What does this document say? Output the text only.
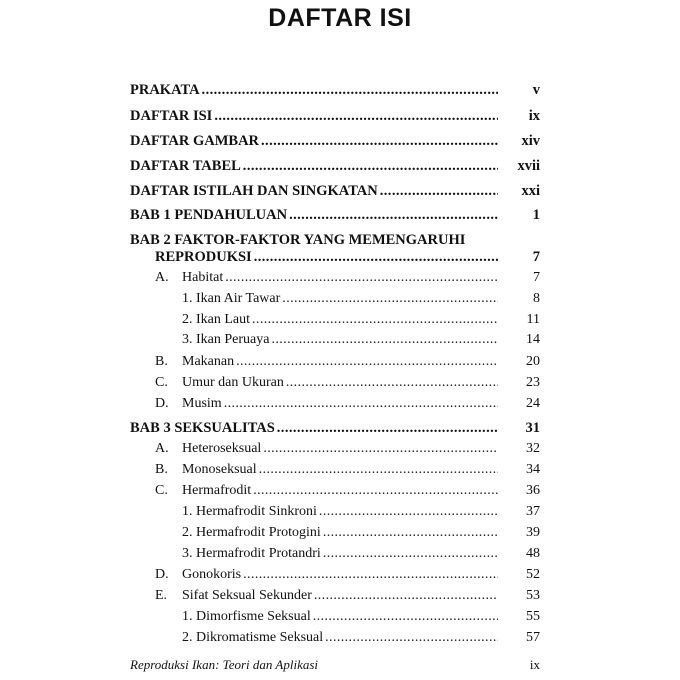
DAFTAR ISI
PRAKATA .....	v
DAFTAR ISI .....	ix
DAFTAR GAMBAR .....	xiv
DAFTAR TABEL .....	xvii
DAFTAR ISTILAH DAN SINGKATAN .....	xxi
BAB 1 PENDAHULUAN .....	1
BAB 2 FAKTOR-FAKTOR YANG MEMENGARUHI
REPRODUKSI .....	7
A. Habitat .....	7
1. Ikan Air Tawar .....	8
2. Ikan Laut .....	11
3. Ikan Peruaya .....	14
B. Makanan .....	20
C. Umur dan Ukuran .....	23
D. Musim .....	24
BAB 3 SEKSUALITAS .....	31
A. Heteroseksual .....	32
B. Monoseksual .....	34
C. Hermafrodit .....	36
1. Hermafrodit Sinkroni .....	37
2. Hermafrodit Protogini .....	39
3. Hermafrodit Protandri .....	48
D. Gonokoris .....	52
E. Sifat Seksual Sekunder .....	53
1. Dimorfisme Seksual .....	55
2. Dikromatisme Seksual .....	57
Reproduksi Ikan: Teori dan Aplikasi	ix
